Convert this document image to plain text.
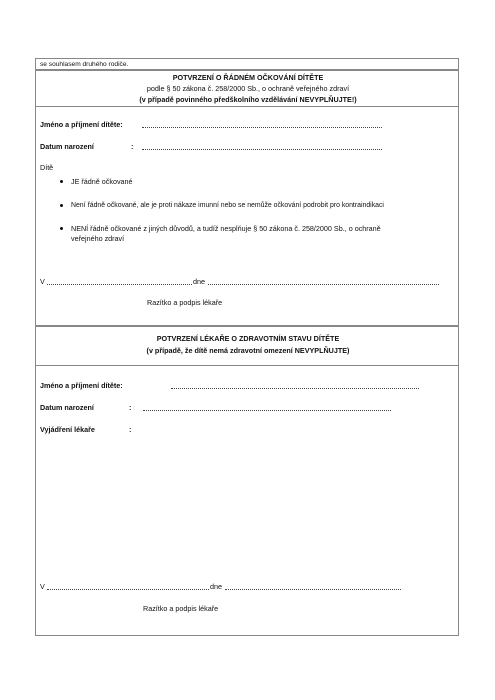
se souhlasem druhého rodiče.
POTVRZENÍ O ŘÁDNÉM OČKOVÁNÍ DÍTĚTE
podle § 50 zákona č. 258/2000 Sb., o ochraně veřejného zdraví
(v případě povinného předškolního vzdělávání NEVYPLŇUJTE!)
Jméno a příjmení dítěte:
Datum narození	:
Dítě
JE řádně očkované
Není řádně očkované, ale je proti nákaze imunní nebo se nemůže očkování podrobit pro kontraindikaci
NENÍ řádně očkované z jiných důvodů, a tudíž nesplňuje § 50 zákona č. 258/2000 Sb., o ochraně
veřejného zdraví
V	dne
Razítko a podpis lékaře
POTVRZENÍ LÉKAŘE O ZDRAVOTNÍM STAVU DÍTĚTE
(v případě, že dítě nemá zdravotní omezení NEVYPLŇUJTE)
Jméno a příjmení dítěte:
Datum narození	:
Vyjádření lékaře	:
V	dne
Razítko a podpis lékaře
